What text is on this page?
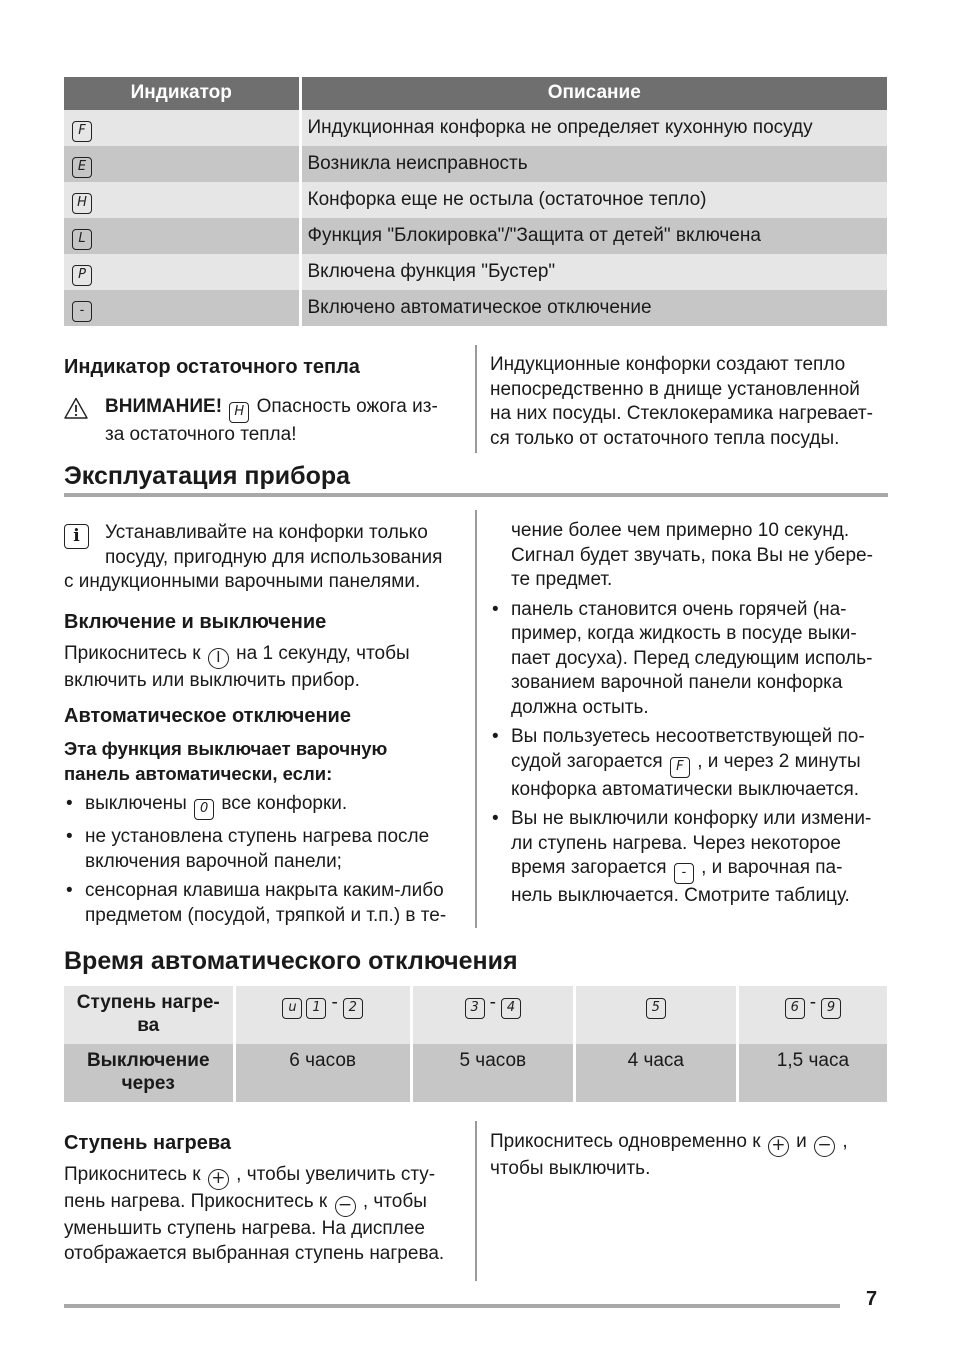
Индикатор	Описание
F	Индукционная конфорка не определяет кухонную посуду
E	Возникла неисправность
H	Конфорка еще не остыла (остаточное тепло)
L	Функция "Блокировка"/"Защита от детей" включена
P	Включена функция "Бустер"
-	Включено автоматическое отключение
Индикатор остаточного тепла
ВНИМАНИЕ! H Опасность ожога из-
за остаточного тепла!
Индукционные конфорки создают тепло
непосредственно в днище установленной
на них посуды. Стеклокерамика нагревает-
ся только от остаточного тепла посуды.
Эксплуатация прибора
i	Устанавливайте на конфорки только
посуду, пригодную для использования
с индукционными варочными панелями.
Включение и выключение
Прикоснитесь к I на 1 секунду, чтобы
включить или выключить прибор.
Автоматическое отключение
Эта функция выключает варочную
панель автоматически, если:
• выключены 0 все конфорки.
• не установлена ступень нагрева после
включения варочной панели;
• сенсорная клавиша накрыта каким-либо
предметом (посудой, тряпкой и т.п.) в те-
чение более чем примерно 10 секунд.
Сигнал будет звучать, пока Вы не убере-
те предмет.
• панель становится очень горячей (на-
пример, когда жидкость в посуде выки-
пает досуха). Перед следующим исполь-
зованием варочной панели конфорка
должна остыть.
• Вы пользуетесь несоответствующей по-
судой загорается F , и через 2 минуты
конфорка автоматически выключается.
• Вы не выключили конфорку или измени-
ли ступень нагрева. Через некоторое
время загорается - , и варочная па-
нель выключается. Смотрите таблицу.
Время автоматического отключения
Ступень нагре-
ва	u 1 - 2	3 - 4	5	6 - 9

Выключение
через	6 часов	5 часов	4 часа	1,5 часа
Ступень нагрева
Прикоснитесь к + , чтобы увеличить сту-
пень нагрева. Прикоснитесь к − , чтобы
уменьшить ступень нагрева. На дисплее
отображается выбранная ступень нагрева.
Прикоснитесь одновременно к + и − ,
чтобы выключить.
7
